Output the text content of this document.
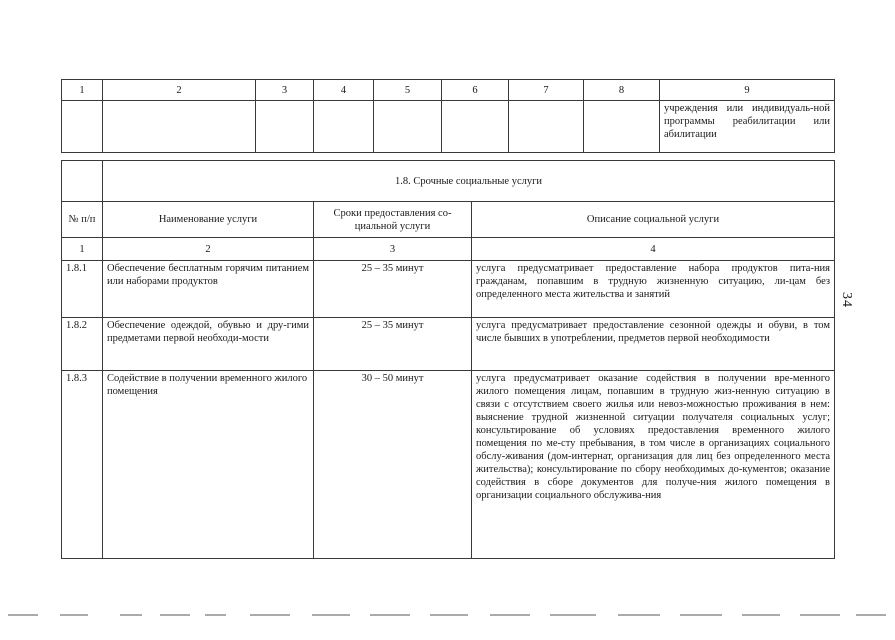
34
1	2	3	4	5	6	7	8	9
								учреждения или индивидуаль-ной программы реабилитации или абилитации
	1.8. Срочные социальные услуги		
№ п/п	Наименование услуги	Сроки предоставления со-циальной услуги	Описание социальной услуги
1	2	3	4
1.8.1	Обеспечение бесплатным горячим питанием или наборами продуктов	25 – 35 минут	услуга предусматривает предоставление набора продуктов пита-ния гражданам, попавшим в трудную жизненную ситуацию, ли-цам без определенного места жительства и занятий
1.8.2	Обеспечение одеждой, обувью и дру-гими предметами первой необходи-мости	25 – 35 минут	услуга предусматривает предоставление сезонной одежды и обуви, в том числе бывших в употреблении, предметов первой необходимости
1.8.3	Содействие в получении временного жилого помещения	30 – 50 минут	услуга предусматривает оказание содействия в получении вре-менного жилого помещения лицам, попавшим в трудную жиз-ненную ситуацию в связи с отсутствием своего жилья или невоз-можностью проживания в нем: выяснение трудной жизненной ситуации получателя социальных услуг; консультирование об условиях предоставления временного жилого помещения по ме-сту пребывания, в том числе в организациях социального обслу-живания (дом-интернат, организация для лиц без определенного места жительства); консультирование по сбору необходимых до-кументов; оказание содействия в сборе документов для получе-ния жилого помещения в организации социального обслужива-ния
